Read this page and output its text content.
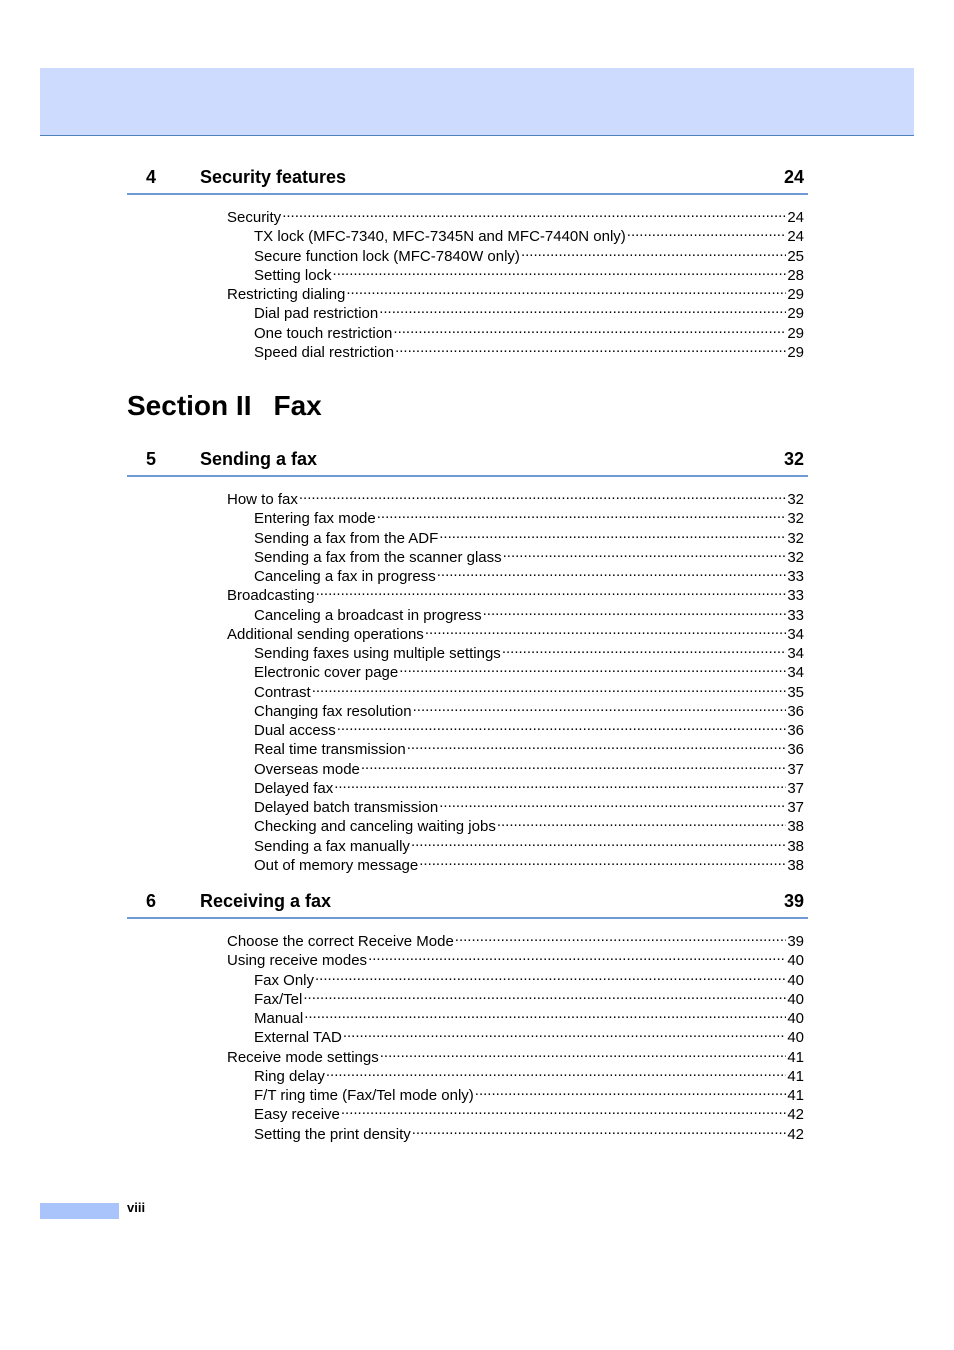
4 Security features	24
Security .....	24
TX lock (MFC-7340, MFC-7345N and MFC-7440N only) .....	24
Secure function lock (MFC-7840W only) .....	25
Setting lock .....	28
Restricting dialing .....	29
Dial pad restriction .....	29
One touch restriction .....	29
Speed dial restriction .....	29
Section II Fax
5 Sending a fax	32
How to fax .....	32
Entering fax mode .....	32
Sending a fax from the ADF .....	32
Sending a fax from the scanner glass .....	32
Canceling a fax in progress .....	33
Broadcasting .....	33
Canceling a broadcast in progress .....	33
Additional sending operations .....	34
Sending faxes using multiple settings .....	34
Electronic cover page .....	34
Contrast .....	35
Changing fax resolution .....	36
Dual access .....	36
Real time transmission .....	36
Overseas mode .....	37
Delayed fax .....	37
Delayed batch transmission .....	37
Checking and canceling waiting jobs .....	38
Sending a fax manually .....	38
Out of memory message .....	38
6 Receiving a fax	39
Choose the correct Receive Mode .....	39
Using receive modes .....	40
Fax Only .....	40
Fax/Tel .....	40
Manual .....	40
External TAD .....	40
Receive mode settings .....	41
Ring delay .....	41
F/T ring time (Fax/Tel mode only) .....	41
Easy receive .....	42
Setting the print density .....	42
viii
